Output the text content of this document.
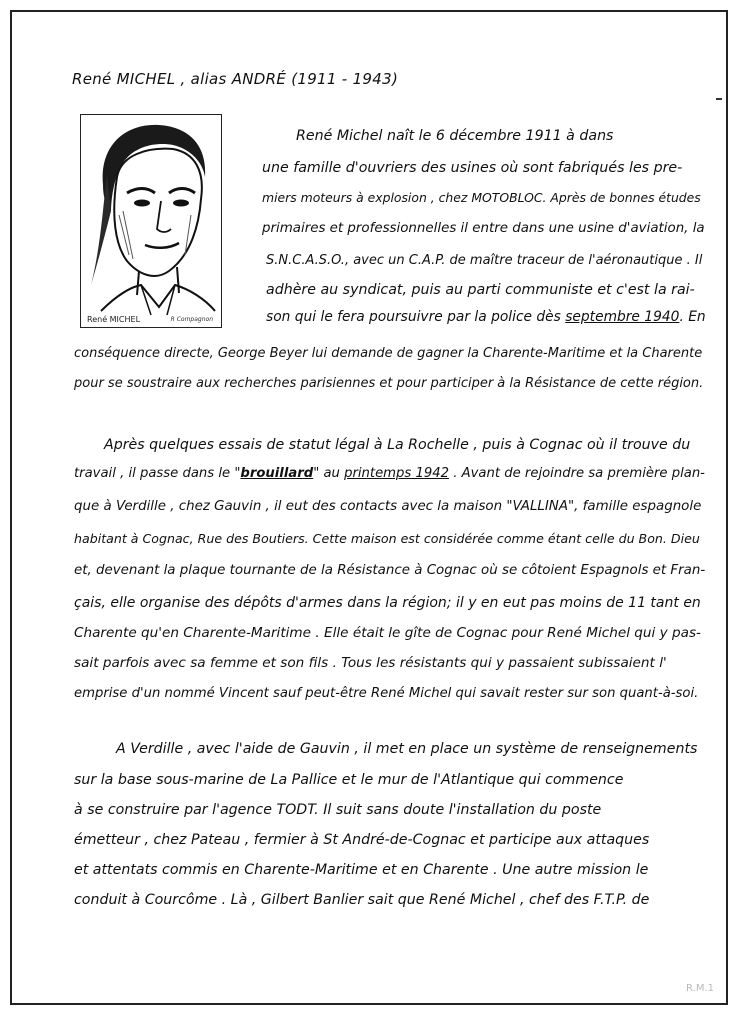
René MICHEL , alias ANDRÉ (1911 - 1943)
René MICHEL	R Compagnon
René Michel naît le 6 décembre 1911 à dans
une famille d'ouvriers des usines où sont fabriqués les pre-
miers moteurs à explosion , chez MOTOBLOC. Après de bonnes études
primaires et professionnelles il entre dans une usine d'aviation, la
S.N.C.A.S.O., avec un C.A.P. de maître traceur de l'aéronautique . Il
adhère au syndicat, puis au parti communiste et c'est la rai-
son qui le fera poursuivre par la police dès septembre 1940. En
conséquence directe, George Beyer lui demande de gagner la Charente-Maritime et la Charente
pour se soustraire aux recherches parisiennes et pour participer à la Résistance de cette région.
Après quelques essais de statut légal à La Rochelle , puis à Cognac où il trouve du
travail , il passe dans le "brouillard" au printemps 1942 . Avant de rejoindre sa première plan-
que à Verdille , chez Gauvin , il eut des contacts avec la maison "VALLINA", famille espagnole
habitant à Cognac, Rue des Boutiers. Cette maison est considérée comme étant celle du Bon. Dieu
et, devenant la plaque tournante de la Résistance à Cognac où se côtoient Espagnols et Fran-
çais, elle organise des dépôts d'armes dans la région; il y en eut pas moins de 11 tant en
Charente qu'en Charente-Maritime . Elle était le gîte de Cognac pour René Michel qui y pas-
sait parfois avec sa femme et son fils . Tous les résistants qui y passaient subissaient l'
emprise d'un nommé Vincent sauf peut-être René Michel qui savait rester sur son quant-à-soi.
A Verdille , avec l'aide de Gauvin , il met en place un système de renseignements
sur la base sous-marine de La Pallice et le mur de l'Atlantique qui commence
à se construire par l'agence TODT. Il suit sans doute l'installation du poste
émetteur , chez Pateau , fermier à St André-de-Cognac et participe aux attaques
et attentats commis en Charente-Maritime et en Charente . Une autre mission le
conduit à Courcôme . Là , Gilbert Banlier sait que René Michel , chef des F.T.P. de
R.M.1
